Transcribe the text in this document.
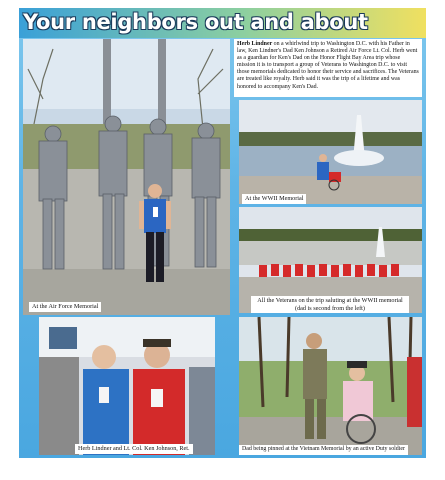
Your neighbors out and about
At the Air Force Memorial
Herb Lindner on a whirlwind trip to Washington D.C. with his Father in law, Ken Lindner's Dad Ken Johnson a Retired Air Force Lt. Col. Herb went as a guardian for Ken's Dad on the Honor Flight Bay Area trip whose mission it is to transport a group of Veterans to Washington D.C. to visit those memorials dedicated to honor their service and sacrifices. The Veterans are treated like royalty. Herb said it was the trip of a lifetime and was honored to accompany Ken's Dad.
At the WWII Memorial
All the Veterans on the trip saluting at the WWII memorial
(dad is second from the left)
Herb Lindner and Lt. Col. Ken Johnson, Ret.	Dad being pinned at the Vietnam Memorial by an active Duty soldier
